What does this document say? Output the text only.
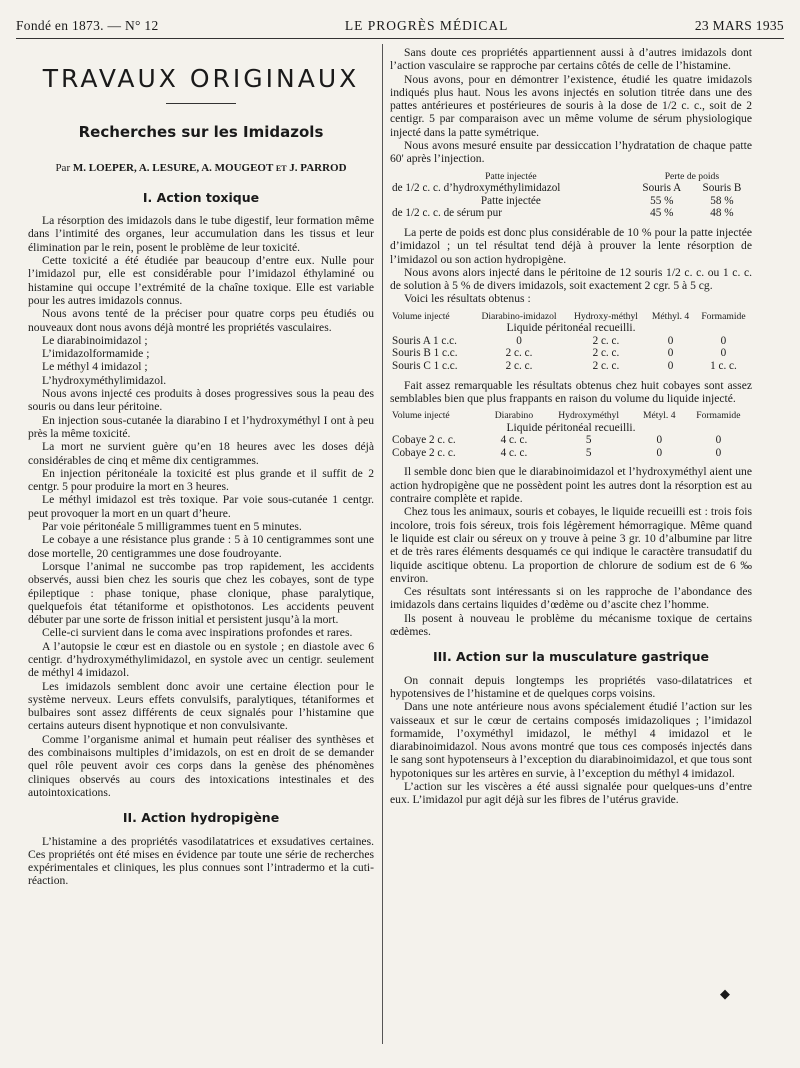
Fondé en 1873. — N° 12	LE PROGRÈS MÉDICAL	23 MARS 1935
TRAVAUX ORIGINAUX
Recherches sur les Imidazols
Par M. LOEPER, A. LESURE, A. MOUGEOT et J. PARROD
I. Action toxique

La résorption des imidazols dans le tube digestif, leur formation même dans l’intimité des organes, leur accumulation dans les tissus et leur élimination par le rein, posent le problème de leur toxicité.

Cette toxicité a été étudiée par beaucoup d’entre eux. Nulle pour l’imidazol pur, elle est considérable pour l’imidazol éthylaminé ou histamine qui occupe l’extrémité de la chaîne toxique. Elle est variable pour les autres imidazols connus.

Nous avons tenté de la préciser pour quatre corps peu étudiés ou nouveaux dont nous avons déjà montré les propriétés vasculaires.

Le diarabinoimidazol ;
L’imidazolformamide ;
Le méthyl 4 imidazol ;
L’hydroxyméthylimidazol.

Nous avons injecté ces produits à doses progressives sous la peau des souris ou dans leur péritoine.

En injection sous-cutanée la diarabino I et l’hydroxyméthyl I ont à peu près la même toxicité.

La mort ne survient guère qu’en 18 heures avec les doses déjà considérables de cinq et même dix centigrammes.

En injection péritonéale la toxicité est plus grande et il suffit de 2 centgr. 5 pour produire la mort en 3 heures.

Le méthyl imidazol est très toxique. Par voie sous-cutanée 1 centgr. peut provoquer la mort en un quart d’heure.

Par voie péritonéale 5 milligrammes tuent en 5 minutes.

Le cobaye a une résistance plus grande : 5 à 10 centigrammes sont une dose mortelle, 20 centigrammes une dose foudroyante.

Lorsque l’animal ne succombe pas trop rapidement, les accidents observés, aussi bien chez les souris que chez les cobayes, sont de type épileptique : phase tonique, phase clonique, phase paralytique, quelquefois état tétaniforme et opisthotonos. Les accidents peuvent débuter par une sorte de frisson initial et persistent jusqu’à la mort.

Celle-ci survient dans le coma avec inspirations profondes et rares.

A l’autopsie le cœur est en diastole ou en systole ; en diastole avec 6 centigr. d’hydroxyméthylimidazol, en systole avec un centigr. seulement de méthyl 4 imidazol.

Les imidazols semblent donc avoir une certaine élection pour le système nerveux. Leurs effets convulsifs, paralytiques, tétaniformes et bulbaires sont assez différents de ceux signalés pour l’histamine que certains auteurs disent hypnotique et non convulsivante.

Comme l’organisme animal et humain peut réaliser des synthèses et des combinaisons multiples d’imidazols, on est en droit de se demander quel rôle peuvent avoir ces corps dans la genèse des phénomènes cliniques observés au cours des intoxications intestinales et des autointoxications.

II. Action hydropigène

L’histamine a des propriétés vasodilatatrices et exsudatives certaines. Ces propriétés ont été mises en évidence par toute une série de recherches expérimentales et cliniques, les plus connues sont l’intradermo et la cuti-réaction.

Sans doute ces propriétés appartiennent aussi à d’autres imidazols dont l’action vasculaire se rapproche par certains côtés de celle de l’histamine.

Nous avons, pour en démontrer l’existence, étudié les quatre imidazols indiqués plus haut. Nous les avons injectés en solution titrée dans une des pattes antérieures et postérieures de souris à la dose de 1/2 c. c., soit de 2 centigr. 5 par comparaison avec un même volume de sérum physiologique injecté dans la patte symétrique.

Nous avons mesuré ensuite par dessiccation l’hydratation de chaque patte 60' après l’injection.

Patte injectée	Perte de poids	
de 1/2 c. c. d’hydroxyméthylimidazol	Souris A	Souris B
Patte injectée	55 %	58 %
de 1/2 c. c. de sérum pur	45 %	48 %

La perte de poids est donc plus considérable de 10 % pour la patte injectée d’imidazol ; un tel résultat tend déjà à prouver la lente résorption de l’imidazol ou son action hydropigène.

Nous avons alors injecté dans le péritoine de 12 souris 1/2 c. c. ou 1 c. c. de solution à 5 % de divers imidazols, soit exactement 2 cgr. 5 à 5 cg.

Voici les résultats obtenus :

Volume injecté	Diarabino-imidazol	Hydroxy-méthyl	Méthyl. 4	Formamide
Liquide péritonéal recueilli.				
Souris A 1 c.c.	0	2 c. c.	0	0
Souris B 1 c.c.	2 c. c.	2 c. c.	0	0
Souris C 1 c.c.	2 c. c.	2 c. c.	0	1 c. c.

Fait assez remarquable les résultats obtenus chez huit cobayes sont assez semblables bien que plus frappants en raison du volume du liquide injecté.

Volume injecté	Diarabino	Hydroxyméthyl	Métyl. 4	Formamide
Liquide péritonéal recueilli.				
Cobaye 2 c. c.	4 c. c.	5	0	0
Cobaye 2 c. c.	4 c. c.	5	0	0

Il semble donc bien que le diarabinoimidazol et l’hydroxyméthyl aient une action hydropigène que ne possèdent point les autres dont la résorption est au contraire complète et rapide.

Chez tous les animaux, souris et cobayes, le liquide recueilli est : trois fois incolore, trois fois séreux, trois fois légèrement hémorragique. Même quand le liquide est clair ou séreux on y trouve à peine 3 gr. 10 d’albumine par litre et de très rares éléments desquamés ce qui indique le caractère transudatif du liquide ascitique obtenu. La proportion de chlorure de sodium est de 6 ‰ environ.

Ces résultats sont intéressants si on les rapproche de l’abondance des imidazols dans certains liquides d’œdème ou d’ascite chez l’homme.

Ils posent à nouveau le problème du mécanisme toxique de certains œdèmes.

III. Action sur la musculature gastrique

On connait depuis longtemps les propriétés vaso-dilatatrices et hypotensives de l’histamine et de quelques corps voisins.

Dans une note antérieure nous avons spécialement étudié l’action sur les vaisseaux et sur le cœur de certains composés imidazoliques ; l’imidazol formamide, l’oxyméthyl imidazol, le méthyl 4 imidazol et le diarabinoimidazol. Nous avons montré que tous ces composés injectés dans le sang sont hypotenseurs à l’exception du diarabinoimidazol, et que tous sont hypotoniques sur les artères en survie, à l’exception du méthyl 4 imidazol.

L’action sur les viscères a été aussi signalée pour quelques-uns d’entre eux. L’imidazol pur agit déjà sur les fibres de l’utérus gravide.

◆
